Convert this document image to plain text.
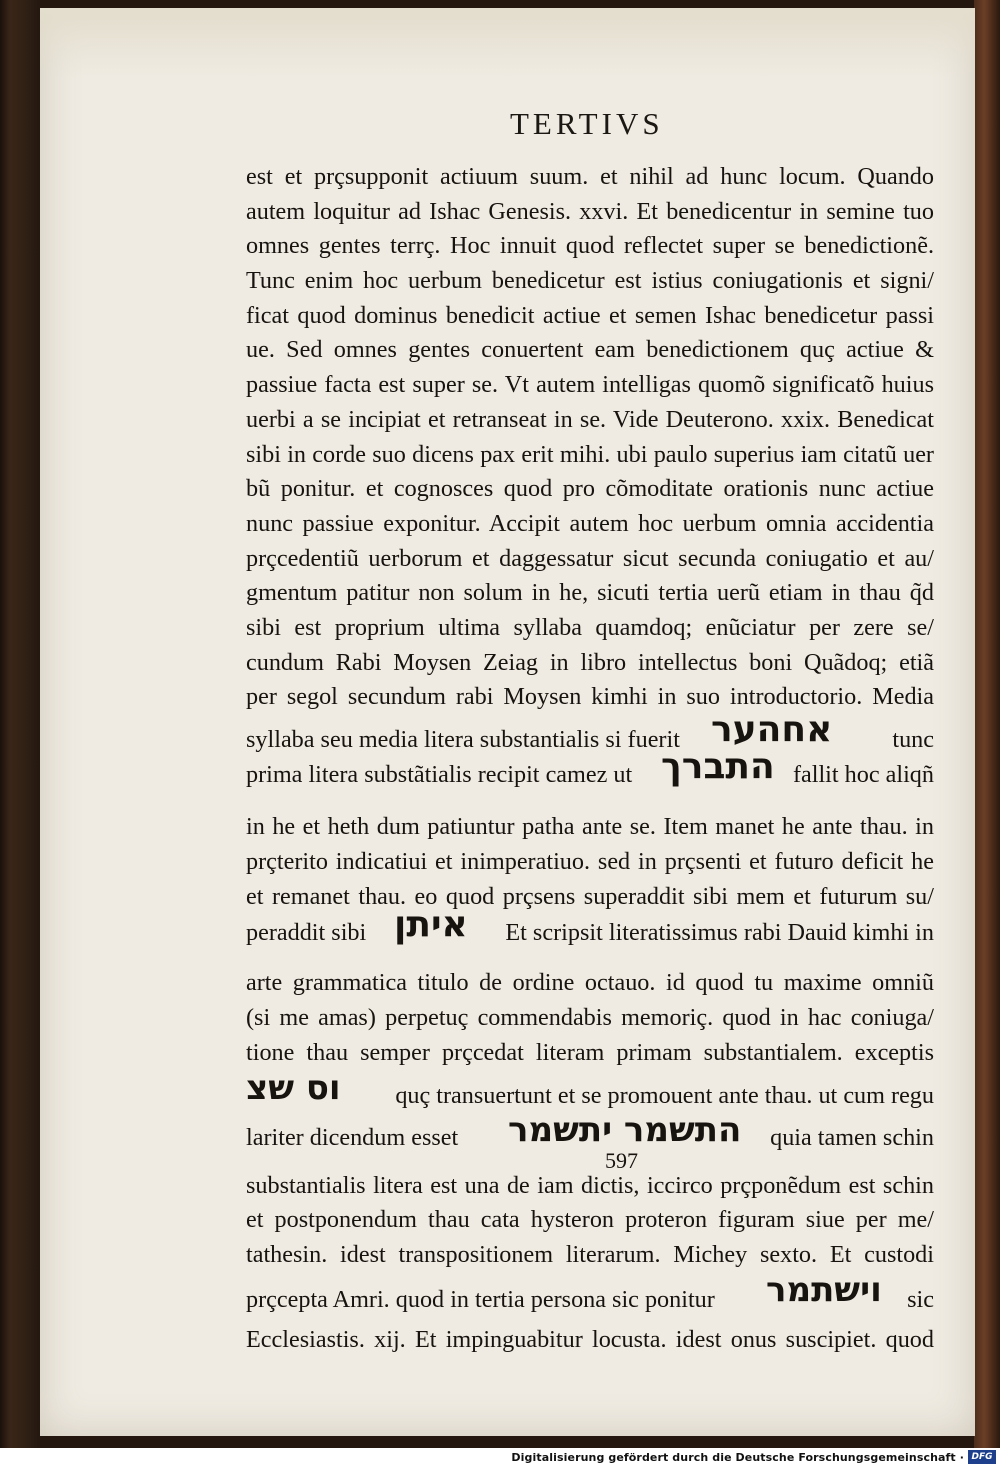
TERTIVS
597
est et prçsupponit actiuum suum. et nihil ad hunc locum. Quando
autem loquitur ad Ishac Genesis. xxvi. Et benedicentur in semine tuo
omnes gentes terrç. Hoc innuit quod reflectet super se benedictionẽ.
Tunc enim hoc uerbum benedicetur est istius coniugationis et signi/
ficat quod dominus benedicit actiue et semen Ishac benedicetur passi
ue. Sed omnes gentes conuertent eam benedictionem quç actiue &
passiue facta est super se. Vt autem intelligas quomõ significatõ huius
uerbi a se incipiat et retranseat in se. Vide Deuterono. xxix. Benedicat
sibi in corde suo dicens pax erit mihi. ubi paulo superius iam citatũ uer
bũ ponitur. et cognosces quod pro cõmoditate orationis nunc actiue
nunc passiue exponitur. Accipit autem hoc uerbum omnia accidentia
prçcedentiũ uerborum et daggessatur sicut secunda coniugatio et au/
gmentum patitur non solum in he, sicuti tertia uerũ etiam in thau q̃d
sibi est proprium ultima syllaba quamdoq; enũciatur per zere se/
cundum Rabi Moysen Zeiag in libro intellectus boni Quãdoq; etiã
per segol secundum rabi Moysen kimhi in suo introductorio. Media
syllaba seu media litera substantialis si fuerit אחהער tunc
prima litera substãtialis recipit camez ut התברך fallit hoc aliqñ
in he et heth dum patiuntur patha ante se. Item manet he ante thau. in
prçterito indicatiui et inimperatiuo. sed in prçsenti et futuro deficit he
et remanet thau. eo quod prçsens superaddit sibi mem et futurum su/
peraddit sibi איתן Et scripsit literatissimus rabi Dauid kimhi in
arte grammatica titulo de ordine octauo. id quod tu maxime omniũ
(si me amas) perpetuç commendabis memoriç. quod in hac coniuga/
tione thau semper prçcedat literam primam substantialem. exceptis
וס שצ quç transuertunt et se promouent ante thau. ut cum regu
lariter dicendum esset התשמר יתשמר quia tamen schin
substantialis litera est una de iam dictis, iccirco prçponẽdum est schin
et postponendum thau cata hysteron proteron figuram siue per me/
tathesin. idest transpositionem literarum. Michey sexto. Et custodi
prçcepta Amri. quod in tertia persona sic ponitur וישתמר sic
Ecclesiastis. xij. Et impinguabitur locusta. idest onus suscipiet. quod
Digitalisierung gefördert durch die Deutsche Forschungsgemeinschaft · DFG
